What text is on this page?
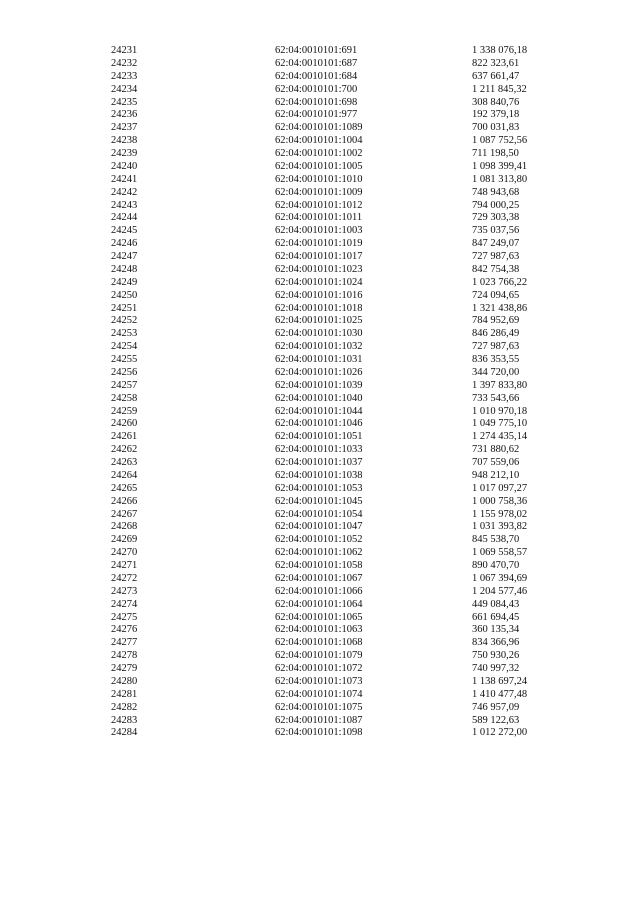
24231	62:04:0010101:691	1 338 076,18
24232	62:04:0010101:687	822 323,61
24233	62:04:0010101:684	637 661,47
24234	62:04:0010101:700	1 211 845,32
24235	62:04:0010101:698	308 840,76
24236	62:04:0010101:977	192 379,18
24237	62:04:0010101:1089	700 031,83
24238	62:04:0010101:1004	1 087 752,56
24239	62:04:0010101:1002	711 198,50
24240	62:04:0010101:1005	1 098 399,41
24241	62:04:0010101:1010	1 081 313,80
24242	62:04:0010101:1009	748 943,68
24243	62:04:0010101:1012	794 000,25
24244	62:04:0010101:1011	729 303,38
24245	62:04:0010101:1003	735 037,56
24246	62:04:0010101:1019	847 249,07
24247	62:04:0010101:1017	727 987,63
24248	62:04:0010101:1023	842 754,38
24249	62:04:0010101:1024	1 023 766,22
24250	62:04:0010101:1016	724 094,65
24251	62:04:0010101:1018	1 321 438,86
24252	62:04:0010101:1025	784 952,69
24253	62:04:0010101:1030	846 286,49
24254	62:04:0010101:1032	727 987,63
24255	62:04:0010101:1031	836 353,55
24256	62:04:0010101:1026	344 720,00
24257	62:04:0010101:1039	1 397 833,80
24258	62:04:0010101:1040	733 543,66
24259	62:04:0010101:1044	1 010 970,18
24260	62:04:0010101:1046	1 049 775,10
24261	62:04:0010101:1051	1 274 435,14
24262	62:04:0010101:1033	731 880,62
24263	62:04:0010101:1037	707 559,06
24264	62:04:0010101:1038	948 212,10
24265	62:04:0010101:1053	1 017 097,27
24266	62:04:0010101:1045	1 000 758,36
24267	62:04:0010101:1054	1 155 978,02
24268	62:04:0010101:1047	1 031 393,82
24269	62:04:0010101:1052	845 538,70
24270	62:04:0010101:1062	1 069 558,57
24271	62:04:0010101:1058	890 470,70
24272	62:04:0010101:1067	1 067 394,69
24273	62:04:0010101:1066	1 204 577,46
24274	62:04:0010101:1064	449 084,43
24275	62:04:0010101:1065	661 694,45
24276	62:04:0010101:1063	360 135,34
24277	62:04:0010101:1068	834 366,96
24278	62:04:0010101:1079	750 930,26
24279	62:04:0010101:1072	740 997,32
24280	62:04:0010101:1073	1 138 697,24
24281	62:04:0010101:1074	1 410 477,48
24282	62:04:0010101:1075	746 957,09
24283	62:04:0010101:1087	589 122,63
24284	62:04:0010101:1098	1 012 272,00
